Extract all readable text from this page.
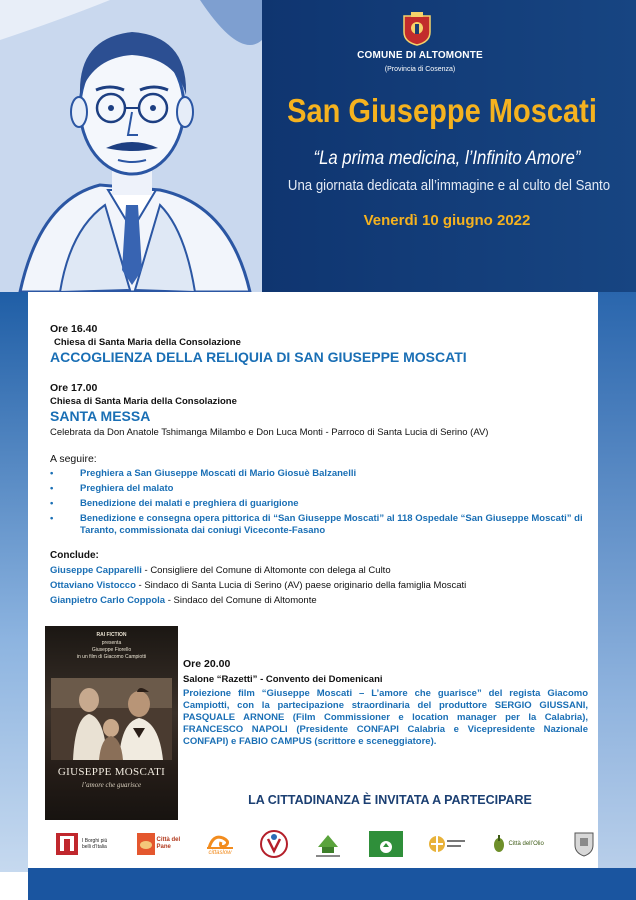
COMUNE DI ALTOMONTE
(Provincia di Cosenza)
San Giuseppe Moscati
“La prima medicina, l’Infinito Amore”
Una giornata dedicata all’immagine e al culto del Santo
Venerdì 10 giugno 2022
Ore 16.40
Chiesa di Santa Maria della Consolazione
ACCOGLIENZA DELLA RELIQUIA DI SAN GIUSEPPE MOSCATI
Ore 17.00
Chiesa di Santa Maria della Consolazione
SANTA MESSA
Celebrata da Don Anatole Tshimanga Milambo e Don Luca Monti - Parroco di Santa Lucia di Serino (AV)
A seguire:
•	Preghiera a San Giuseppe Moscati di Mario Giosuè Balzanelli
•	Preghiera del malato
•	Benedizione dei malati e preghiera di guarigione
•	Benedizione e consegna opera pittorica di “San Giuseppe Moscati” al 118 Ospedale “San Giuseppe Moscati” di Taranto, commissionata dai coniugi Viceconte-Fasano
Conclude:
Giuseppe Capparelli - Consigliere del Comune di Altomonte con delega al Culto
Ottaviano Vistocco - Sindaco di Santa Lucia di Serino (AV) paese originario della famiglia Moscati
Gianpietro Carlo Coppola - Sindaco del Comune di Altomonte
RAI FICTION
presenta
Giuseppe Fiorello
in un film di Giacomo Campiotti
GIUSEPPE MOSCATI
l’amore che guarisce
Ore 20.00
Salone “Razetti” - Convento dei Domenicani
Proiezione film “Giuseppe Moscati – L’amore che guarisce” del regista Giacomo Campiotti, con la partecipazione straordinaria del produttore SERGIO GIUSSANI, PASQUALE ARNONE (Film Commissioner e location manager per la Calabria), FRANCESCO NAPOLI (Presidente CONFAPI Calabria e Vicepresidente Nazionale CONFAPI) e FABIO CAMPUS (scrittore e sceneggiatore).
LA CITTADINANZA È INVITATA A PARTECIPARE
I Borghi più belli d’Italia
Città del Pane
cittaslow
Città dell’Olio
